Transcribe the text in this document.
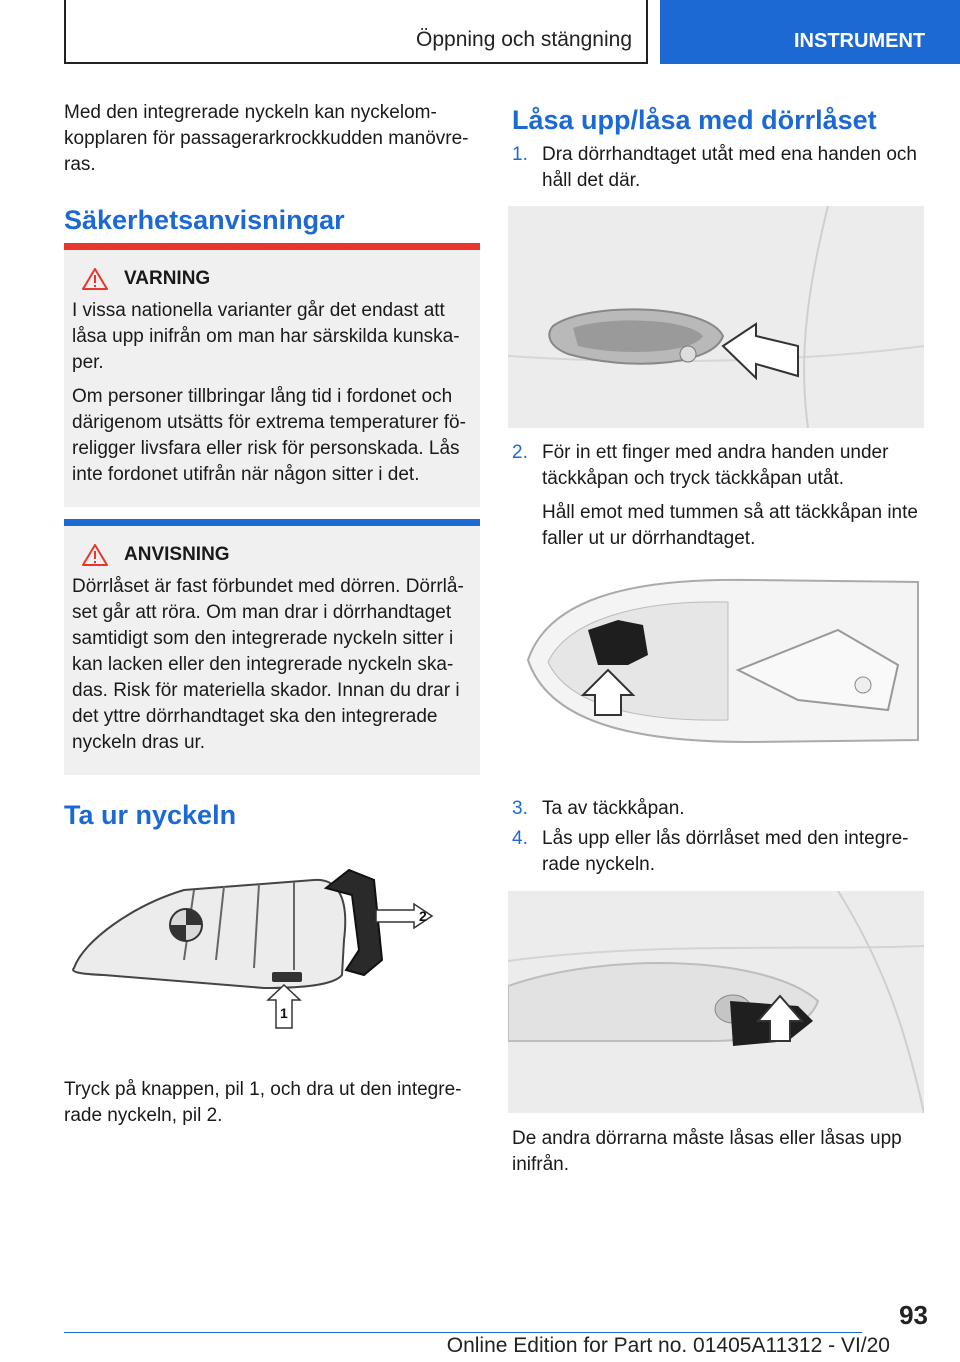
Öppning och stängning	INSTRUMENT
Med den integrerade nyckeln kan nyckelomkopplaren för passagerarkrockkudden manövreras.
Säkerhetsanvisningar
VARNING

I vissa nationella varianter går det endast att låsa upp inifrån om man har särskilda kunskaper.

Om personer tillbringar lång tid i fordonet och därigenom utsätts för extrema temperaturer föreligger livsfara eller risk för personskada. Lås inte fordonet utifrån när någon sitter i det.

ANVISNING

Dörrlåset är fast förbundet med dörren. Dörrlåset går att röra. Om man drar i dörrhandtaget samtidigt som den integrerade nyckeln sitter i kan lacken eller den integrerade nyckeln skadas. Risk för materiella skador. Innan du drar i det yttre dörrhandtaget ska den integrerade nyckeln dras ur.

Ta ur nyckeln
2
1
Tryck på knappen, pil 1, och dra ut den integrerade nyckeln, pil 2.
Låsa upp/låsa med dörrlåset
1. Dra dörrhandtaget utåt med ena handen och håll det där.
2. För in ett finger med andra handen under täckkåpan och tryck täckkåpan utåt.
Håll emot med tummen så att täckkåpan inte faller ut ur dörrhandtaget.
3. Ta av täckkåpan.
4. Lås upp eller lås dörrlåset med den integrerade nyckeln.
De andra dörrarna måste låsas eller låsas upp inifrån.
93
Online Edition for Part no. 01405A11312 - VI/20
